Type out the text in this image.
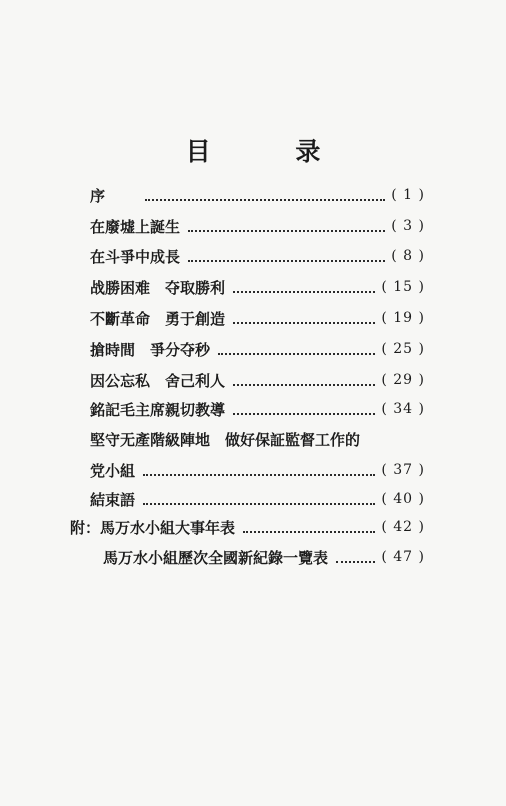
目 录
序	( 1 )
在廢墟上誕生	( 3 )
在斗爭中成長	( 8 )
战勝困难　夺取勝利	( 15 )
不斷革命　勇于創造	( 19 )
搶時間　爭分夺秒	( 25 )
因公忘私　舍己利人	( 29 )
銘記毛主席親切教導	( 34 )
堅守无產階級陣地　做好保証監督工作的
党小組	( 37 )
結束語	( 40 )
附： 馬万水小組大事年表	( 42 )
馬万水小組歷次全國新紀錄一覽表	( 47 )
